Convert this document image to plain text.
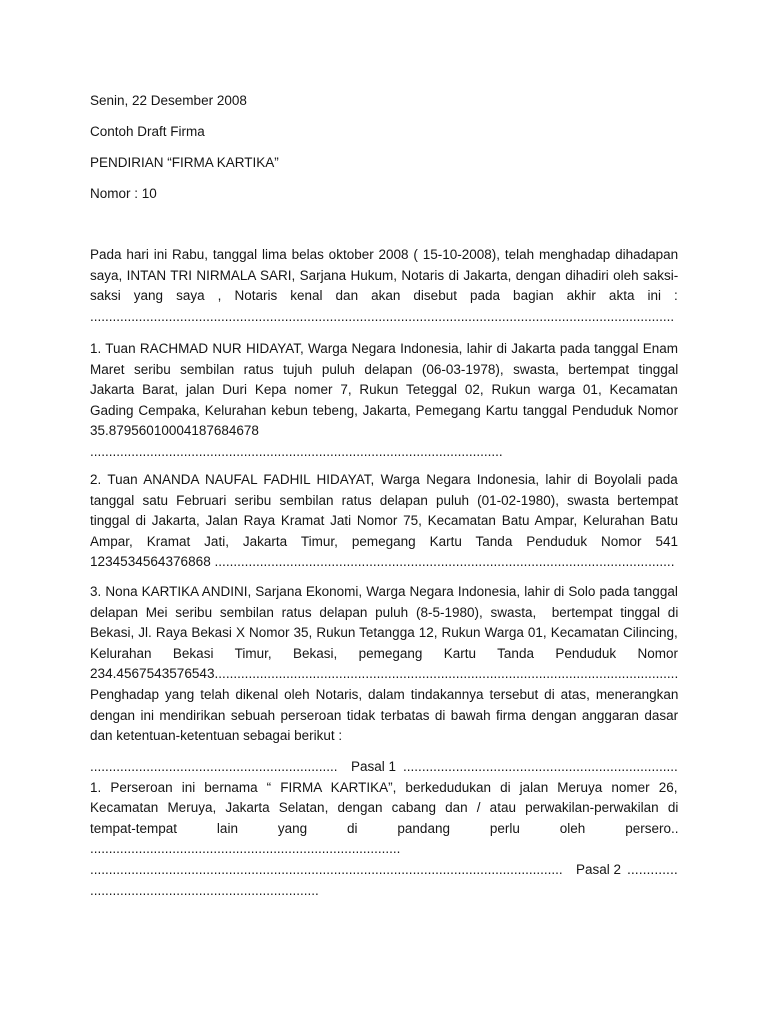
Senin, 22 Desember 2008
Contoh Draft Firma
PENDIRIAN “FIRMA KARTIKA”
Nomor : 10
Pada hari ini Rabu, tanggal lima belas oktober 2008 ( 15-10-2008), telah menghadap dihadapan
saya, INTAN TRI NIRMALA SARI, Sarjana Hukum, Notaris di Jakarta, dengan dihadiri oleh saksi-
saksi yang saya , Notaris kenal dan akan disebut pada bagian akhir akta ini :
............................................................................................................................................................
1. Tuan RACHMAD NUR HIDAYAT, Warga Negara Indonesia, lahir di Jakarta pada tanggal Enam
Maret seribu sembilan ratus tujuh puluh delapan (06-03-1978), swasta, bertempat tinggal
Jakarta Barat, jalan Duri Kepa nomer 7, Rukun Teteggal 02, Rukun warga 01, Kecamatan
Gading Cempaka, Kelurahan kebun tebeng, Jakarta, Pemegang Kartu tanggal Penduduk Nomor
35.87956010004187684678
..............................................................................................................
2. Tuan ANANDA NAUFAL FADHIL HIDAYAT, Warga Negara Indonesia, lahir di Boyolali pada
tanggal satu Februari seribu sembilan ratus delapan puluh (01-02-1980), swasta bertempat
tinggal di Jakarta, Jalan Raya Kramat Jati Nomor 75, Kecamatan Batu Ampar, Kelurahan Batu
Ampar, Kramat Jati, Jakarta Timur, pemegang Kartu Tanda Penduduk Nomor 541
1234534564376868 ..........................................................................................................................
3. Nona KARTIKA ANDINI, Sarjana Ekonomi, Warga Negara Indonesia, lahir di Solo pada tanggal
delapan Mei seribu sembilan ratus delapan puluh (8-5-1980), swasta,  bertempat tinggal di
Bekasi, Jl. Raya Bekasi X Nomor 35, Rukun Tetangga 12, Rukun Warga 01, Kecamatan Cilincing,
Kelurahan Bekasi Timur, Bekasi, pemegang Kartu Tanda Penduduk Nomor
234.4567543576543...........................................................................................................................
Penghadap yang telah dikenal oleh Notaris, dalam tindakannya tersebut di atas, menerangkan
dengan ini mendirikan sebuah perseroan tidak terbatas di bawah firma dengan anggaran dasar
dan ketentuan-ketentuan sebagai berikut :
.................................................................. Pasal 1 .........................................................................
1. Perseroan ini bernama “ FIRMA KARTIKA”, berkedudukan di jalan Meruya nomer 26,
Kecamatan Meruya, Jakarta Selatan, dengan cabang dan / atau perwakilan-perwakilan di
tempat-tempat lain yang di pandang perlu oleh persero..
...................................................................................
.............................................................................................................................. Pasal 2 .............
.............................................................
